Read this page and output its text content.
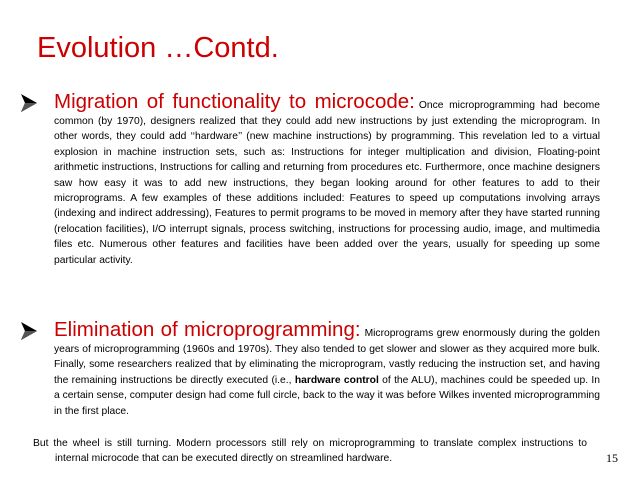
Evolution …Contd.
Migration of functionality to microcode: Once microprogramming had become common (by 1970), designers realized that they could add new instructions by just extending the microprogram. In other words, they could add ‘‘hardware’’ (new machine instructions) by programming. This revelation led to a virtual explosion in machine instruction sets, such as: Instructions for integer multiplication and division, Floating-point arithmetic instructions, Instructions for calling and returning from procedures etc. Furthermore, once machine designers saw how easy it was to add new instructions, they began looking around for other features to add to their microprograms. A few examples of these additions included: Features to speed up computations involving arrays (indexing and indirect addressing), Features to permit programs to be moved in memory after they have started running (relocation facilities), I/O interrupt signals, process switching, instructions for processing audio, image, and multimedia files etc. Numerous other features and facilities have been added over the years, usually for speeding up some particular activity.
Elimination of microprogramming: Microprograms grew enormously during the golden years of microprogramming (1960s and 1970s). They also tended to get slower and slower as they acquired more bulk. Finally, some researchers realized that by eliminating the microprogram, vastly reducing the instruction set, and having the remaining instructions be directly executed (i.e., hardware control of the ALU), machines could be speeded up. In a certain sense, computer design had come full circle, back to the way it was before Wilkes invented microprogramming in the first place.

But the wheel is still turning. Modern processors still rely on microprogramming to translate complex instructions to internal microcode that can be executed directly on streamlined hardware.	15
